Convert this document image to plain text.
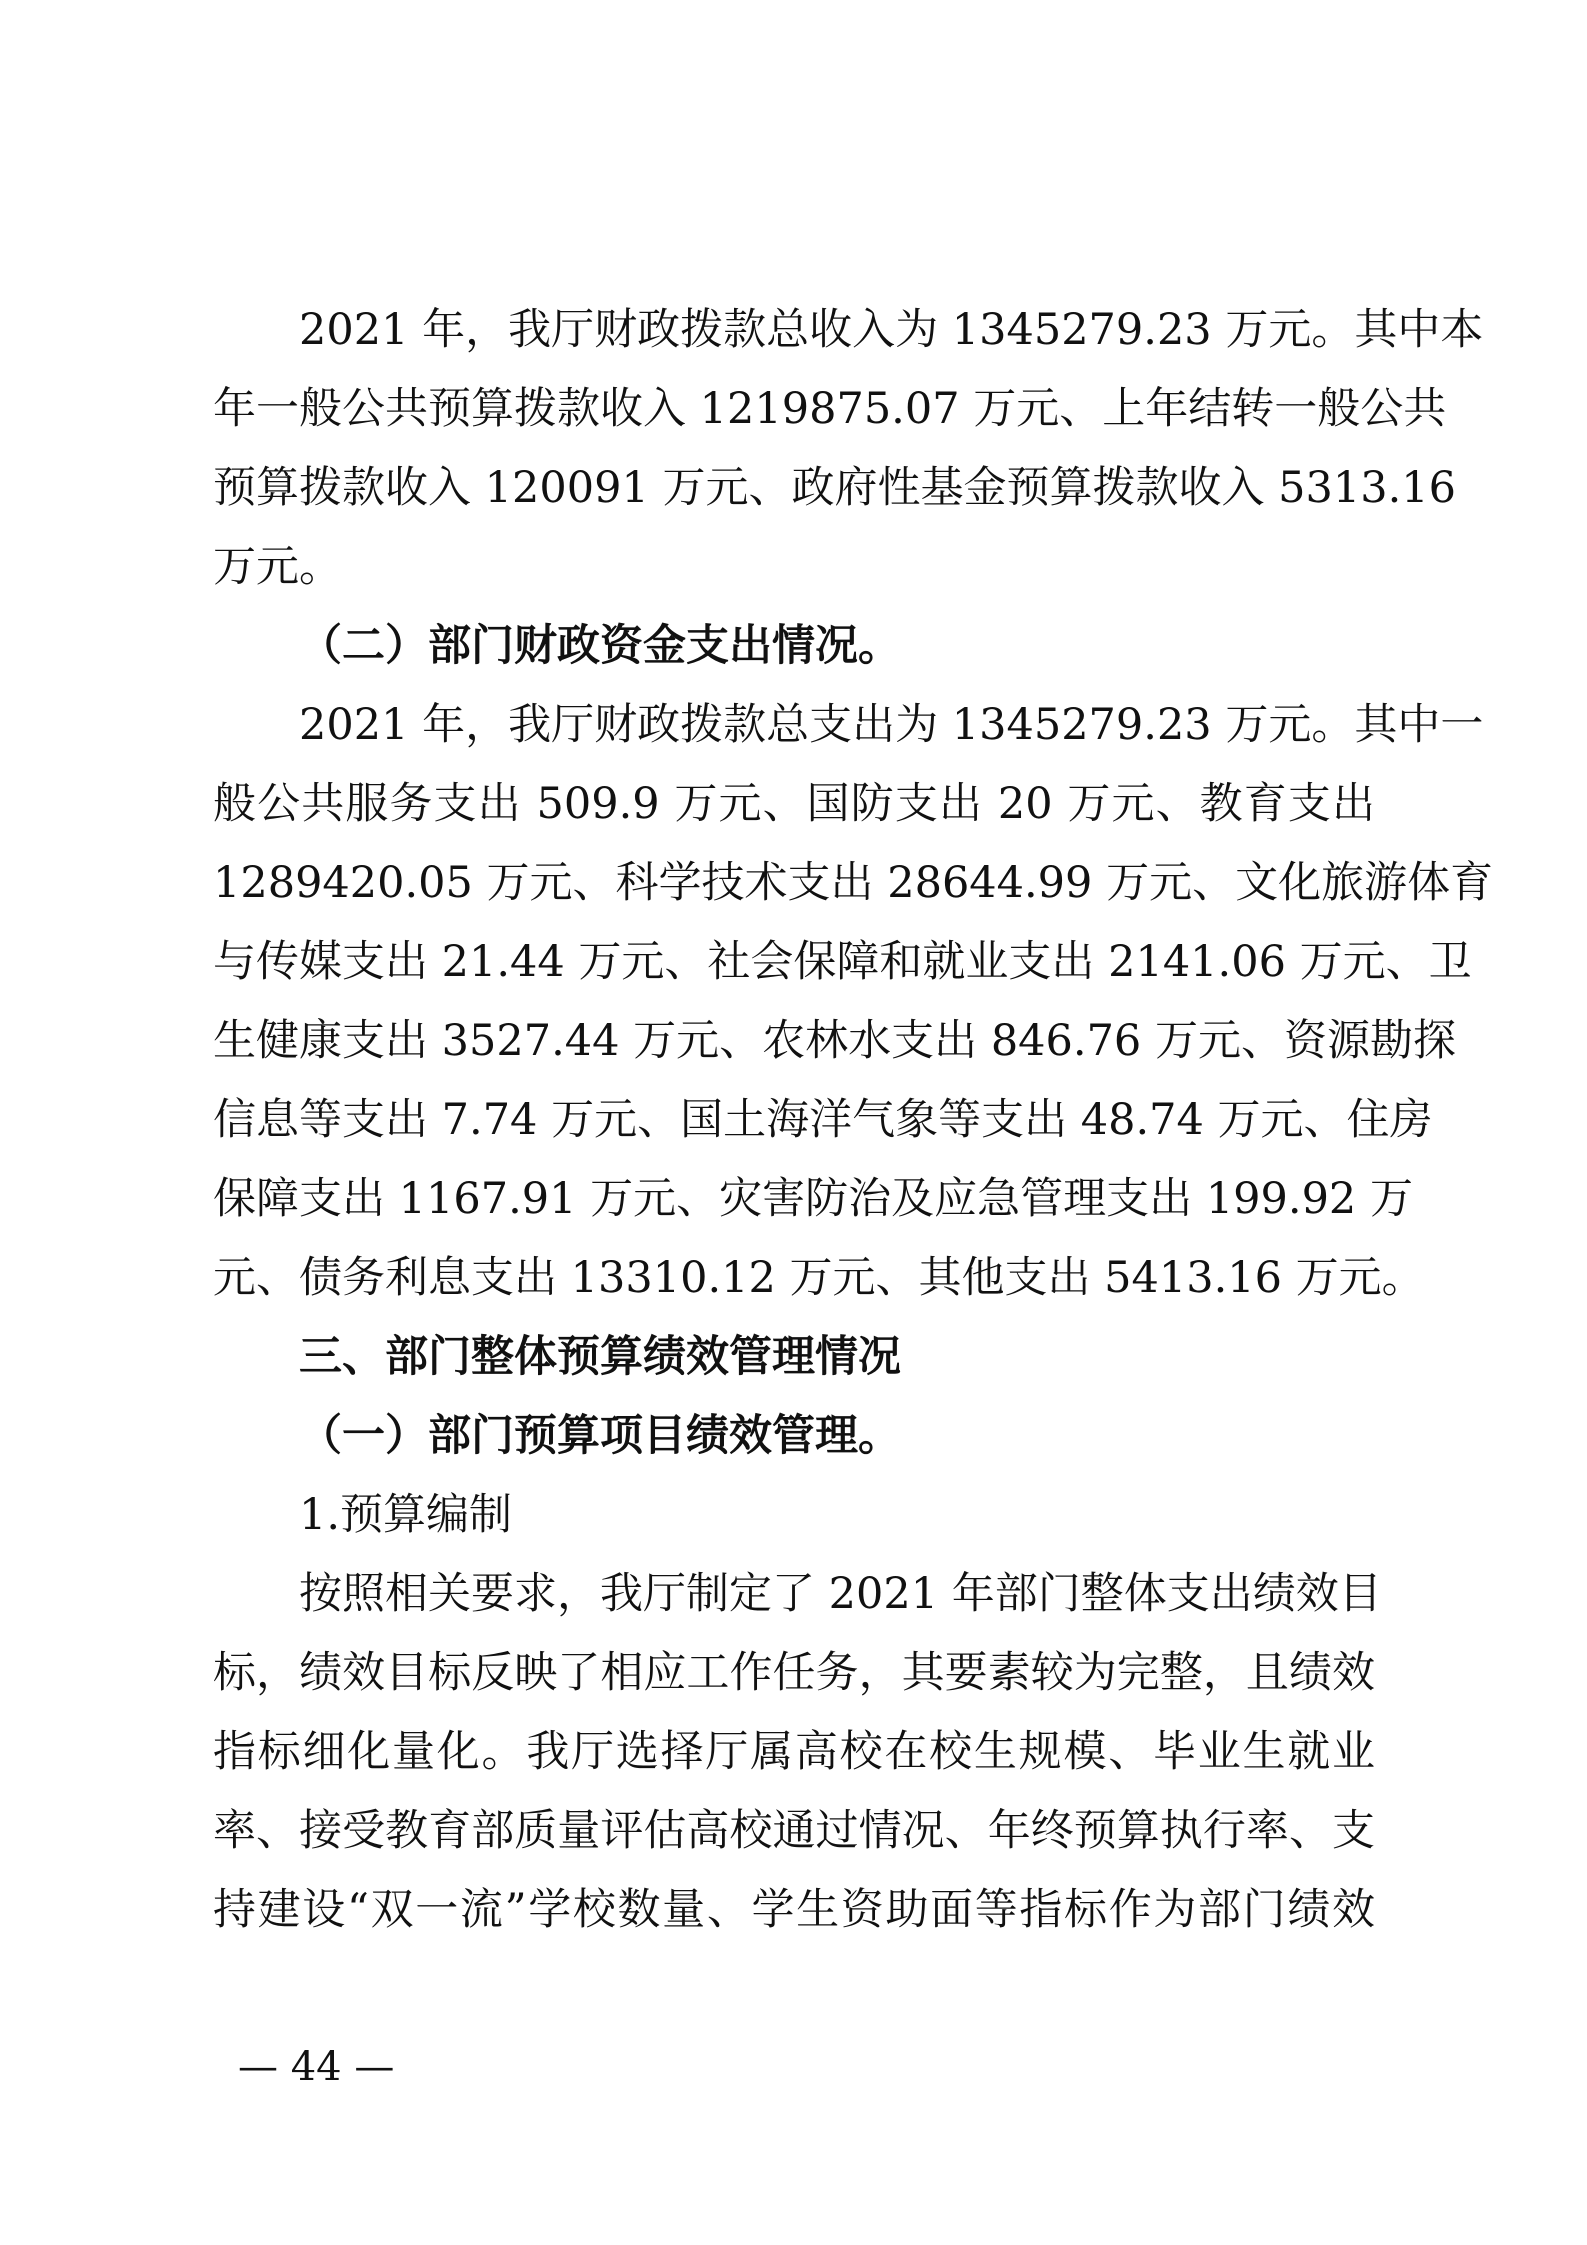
2021 年，我厅财政拨款总收入为 1345279.23 万元。其中本
年一般公共预算拨款收入 1219875.07 万元、上年结转一般公共
预算拨款收入 120091 万元、政府性基金预算拨款收入 5313.16
万元。
（二）部门财政资金支出情况。
2021 年，我厅财政拨款总支出为 1345279.23 万元。其中一
般公共服务支出 509.9 万元、国防支出 20 万元、教育支出
1289420.05 万元、科学技术支出 28644.99 万元、文化旅游体育
与传媒支出 21.44 万元、社会保障和就业支出 2141.06 万元、卫
生健康支出 3527.44 万元、农林水支出 846.76 万元、资源勘探
信息等支出 7.74 万元、国土海洋气象等支出 48.74 万元、住房
保障支出 1167.91 万元、灾害防治及应急管理支出 199.92 万
元、债务利息支出 13310.12 万元、其他支出 5413.16 万元。
三、部门整体预算绩效管理情况
（一）部门预算项目绩效管理。
1.预算编制
按照相关要求，我厅制定了 2021 年部门整体支出绩效目
标，绩效目标反映了相应工作任务，其要素较为完整，且绩效
指标细化量化。我厅选择厅属高校在校生规模、毕业生就业
率、接受教育部质量评估高校通过情况、年终预算执行率、支
持建设“双一流”学校数量、学生资助面等指标作为部门绩效
— 44 —
